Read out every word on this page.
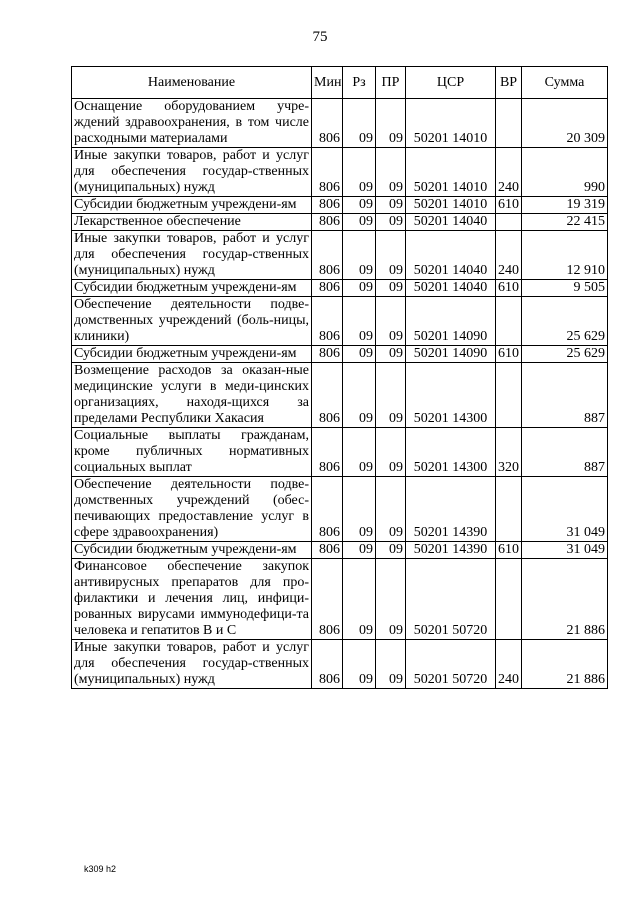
75
Наименование	Мин	Рз	ПР	ЦСР	ВР	Сумма
Оснащение оборудованием учре-ждений здравоохранения, в том числе расходными материалами	806	09	09	50201 14010		20 309
Иные закупки товаров, работ и услуг для обеспечения государ-ственных (муниципальных) нужд	806	09	09	50201 14010	240	990
Субсидии бюджетным учреждени-ям	806	09	09	50201 14010	610	19 319
Лекарственное обеспечение	806	09	09	50201 14040		22 415
Иные закупки товаров, работ и услуг для обеспечения государ-ственных (муниципальных) нужд	806	09	09	50201 14040	240	12 910
Субсидии бюджетным учреждени-ям	806	09	09	50201 14040	610	9 505
Обеспечение деятельности подве-домственных учреждений (боль-ницы, клиники)	806	09	09	50201 14090		25 629
Субсидии бюджетным учреждени-ям	806	09	09	50201 14090	610	25 629
Возмещение расходов за оказан-ные медицинские услуги в меди-цинских организациях, находя-щихся за пределами Республики Хакасия	806	09	09	50201 14300		887
Социальные выплаты гражданам, кроме публичных нормативных социальных выплат	806	09	09	50201 14300	320	887
Обеспечение деятельности подве-домственных учреждений (обес-печивающих предоставление услуг в сфере здравоохранения)	806	09	09	50201 14390		31 049
Субсидии бюджетным учреждени-ям	806	09	09	50201 14390	610	31 049
Финансовое обеспечение закупок антивирусных препаратов для про-филактики и лечения лиц, инфици-рованных вирусами иммунодефици-та человека и гепатитов В и С	806	09	09	50201 50720		21 886
Иные закупки товаров, работ и услуг для обеспечения государ-ственных (муниципальных) нужд	806	09	09	50201 50720	240	21 886
k309 h2
